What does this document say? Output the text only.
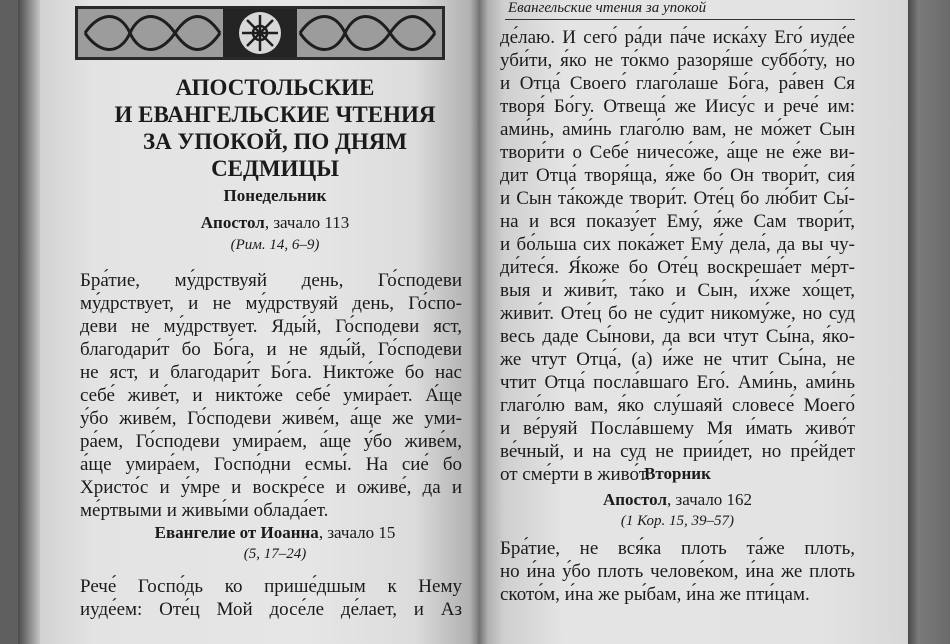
АПОСТОЛЬСКИЕ
И ЕВАНГЕЛЬСКИЕ ЧТЕНИЯ
ЗА УПОКОЙ, ПО ДНЯМ
СЕДМИЦЫ
Понедельник
Апостол, зачало 113
(Рим. 14, 6–9)
Бра́тие, му́дрствуяй день, Го́сподеви
му́дрствует, и не му́дрствуяй день, Го́спо-
деви не му́дрствует. Яды́й, Го́сподеви яст,
благодари́т бо Бо́га, и не яды́й, Го́сподеви
не яст, и благодари́т Бо́га. Никто́же бо нас
себе́ живе́т, и никто́же себе́ умира́ет. А́ще
у́бо живе́м, Го́сподеви живе́м, а́ще же уми-
ра́ем, Го́сподеви умира́ем, а́ще у́бо живе́м,
а́ще умира́ем, Госпо́дни есмы́. На сие́ бо
Христо́с и у́мре и воскре́се и оживе́, да и
ме́ртвыми и живы́ми облада́ет.
Евангелие от Иоанна, зачало 15
(5, 17–24)
Рече́ Госпо́дь ко прише́дшым к Нему
иуде́ем: Оте́ц Мой досе́ле де́лает, и Аз
Евангельские чтения за упокой
де́лаю. И сего́ ра́ди па́че иска́ху Его́ иуде́е
уби́ти, я́ко не то́кмо разоря́ше суббо́ту, но
и Отца́ Своего́ глаго́лаше Бо́га, ра́вен Ся
творя́ Бо́гу. Отвеща́ же Иису́с и рече́ им:
ами́нь, ами́нь глаго́лю вам, не мо́жет Сын
твори́ти о Себе́ ничесо́же, а́ще не е́же ви-
дит Отца́ творя́ща, я́же бо Он твори́т, сия́
и Сын та́кожде твори́т. Оте́ц бо лю́бит Сы́-
на и вся показу́ет Ему́, я́же Сам твори́т,
и бо́льша сих пока́жет Ему́ дела́, да вы чу-
ди́тес́я. Я́коже бо Оте́ц воскреша́ет ме́рт-
выя и живи́т, та́ко и Сын, и́хже хо́щет,
живи́т. Оте́ц бо не су́дит никому́же, но суд
весь даде Сы́нови, да вси чтут Сы́на, я́ко-
же чтут Отца́, (а) и́же не чтит Сы́на, не
чтит Отца́ посла́вшаго Его́. Ами́нь, ами́нь
глаго́лю вам, я́ко слу́шаяй словесе́ Моего́
и ве́руяй Посла́вшему Мя и́мать живо́т
ве́чный, и на суд не прии́дет, но пре́йдет
от сме́рти в живо́т.
Вторник
Апостол, зачало 162
(1 Кор. 15, 39–57)
Бра́тие, не вся́ка плоть та́же плоть,
но и́на у́бо плоть челове́ком, и́на же плоть
ското́м, и́на же ры́бам, и́на же пти́цам.
